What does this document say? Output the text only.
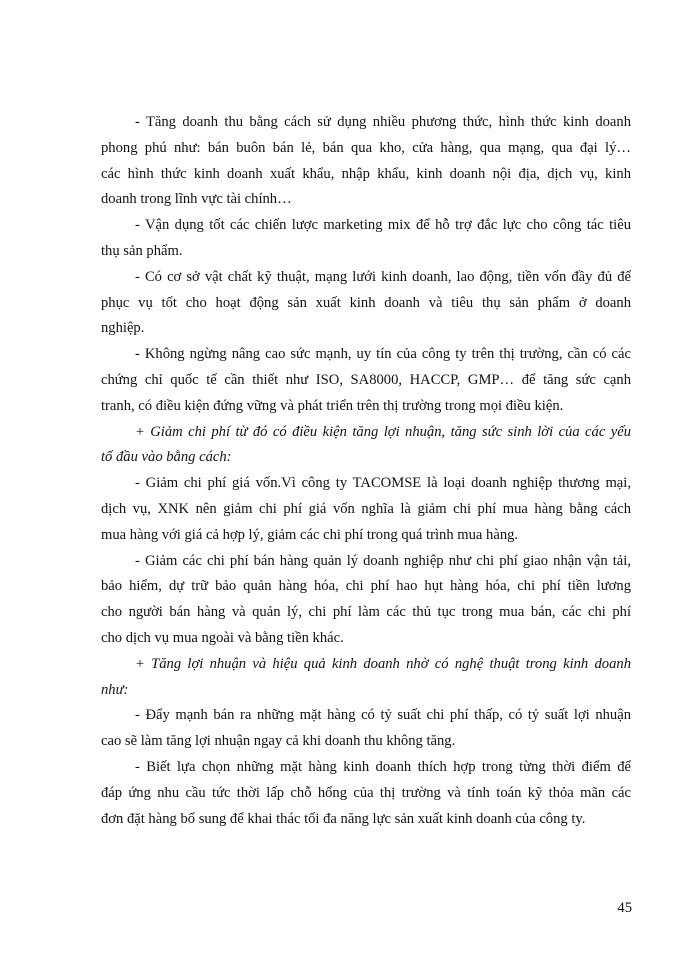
- Tăng doanh thu bằng cách sử dụng nhiều phương thức, hình thức kinh doanh
phong phú như: bán buôn bán lẻ, bán qua kho, cửa hàng, qua mạng, qua đại lý…
các hình thức kinh doanh xuất khẩu, nhập khẩu, kinh doanh nội địa, dịch vụ, kinh
doanh trong lĩnh vực tài chính…
- Vận dụng tốt các chiến lược marketing mix để hỗ trợ đắc lực cho công tác tiêu
thụ sản phẩm.
- Có cơ sở vật chất kỹ thuật, mạng lưới kinh doanh, lao động, tiền vốn đầy đủ để
phục vụ tốt cho hoạt động sản xuất kinh doanh và tiêu thụ sản phẩm ở doanh
nghiệp.
- Không ngừng nâng cao sức mạnh, uy tín của công ty trên thị trường, cần có các
chứng chỉ quốc tế cần thiết như ISO, SA8000, HACCP, GMP… để tăng sức cạnh
tranh, có điều kiện đứng vững và phát triển trên thị trường trong mọi điều kiện.
+ Giảm chi phí từ đó có điều kiện tăng lợi nhuận, tăng sức sinh lời của các yếu
tố đầu vào bằng cách:
- Giảm chi phí giá vốn.Vì công ty TACOMSE là loại doanh nghiệp thương mại,
dịch vụ, XNK nên giảm chi phí giá vốn nghĩa là giảm chi phí mua hàng bằng cách
mua hàng với giá cả hợp lý, giảm các chi phí trong quá trình mua hàng.
- Giảm các chi phí bán hàng quản lý doanh nghiệp như chi phí giao nhận vận tải,
bảo hiểm, dự trữ bảo quản hàng hóa, chi phí hao hụt hàng hóa, chi phí tiền lương
cho người bán hàng và quản lý, chi phí làm các thủ tục trong mua bán, các chi phí
cho dịch vụ mua ngoài và bằng tiền khác.
+ Tăng lợi nhuận và hiệu quả kinh doanh nhờ có nghệ thuật trong kinh doanh
như:
- Đẩy mạnh bán ra những mặt hàng có tỷ suất chi phí thấp, có tỷ suất lợi nhuận
cao sẽ làm tăng lợi nhuận ngay cả khi doanh thu không tăng.
- Biết lựa chọn những mặt hàng kinh doanh thích hợp trong từng thời điểm để
đáp ứng nhu cầu tức thời lấp chỗ hổng của thị trường và tính toán kỹ thỏa mãn các
đơn đặt hàng bổ sung để khai thác tối đa năng lực sản xuất kinh doanh của công ty.
45
